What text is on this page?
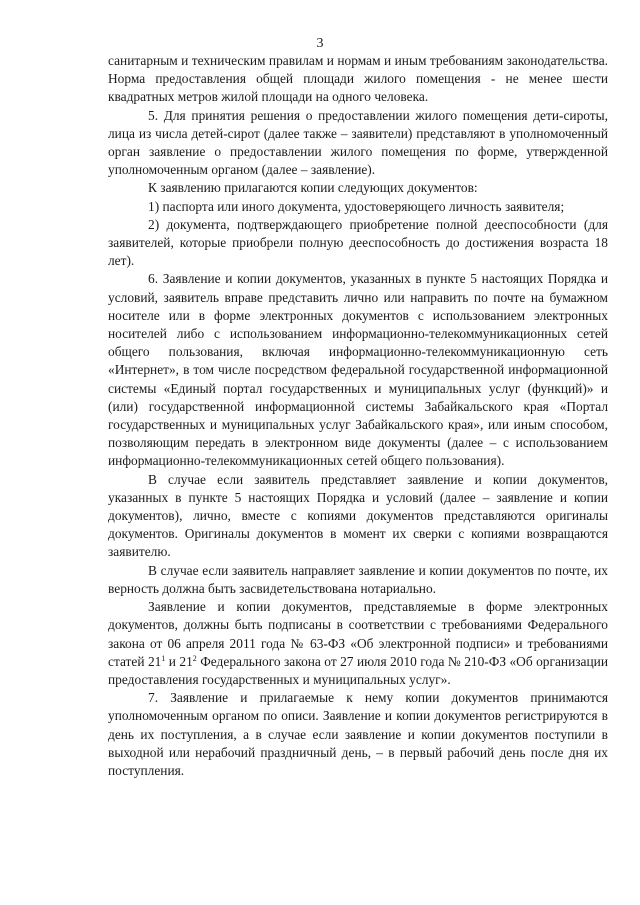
3

санитарным и техническим правилам и нормам и иным требованиям законодательства. Норма предоставления общей площади жилого помещения - не менее шести квадратных метров жилой площади на одного человека.

5. Для принятия решения о предоставлении жилого помещения дети-сироты, лица из числа детей-сирот (далее также – заявители) представляют в уполномоченный орган заявление о предоставлении жилого помещения по форме, утвержденной уполномоченным органом (далее – заявление).

К заявлению прилагаются копии следующих документов:

1) паспорта или иного документа, удостоверяющего личность заявителя;

2) документа, подтверждающего приобретение полной дееспособности (для заявителей, которые приобрели полную дееспособность до достижения возраста 18 лет).

6. Заявление и копии документов, указанных в пункте 5 настоящих Порядка и условий, заявитель вправе представить лично или направить по почте на бумажном носителе или в форме электронных документов с использованием электронных носителей либо с использованием информационно-телекоммуникационных сетей общего пользования, включая информационно-телекоммуникационную сеть «Интернет», в том числе посредством федеральной государственной информационной системы «Единый портал государственных и муниципальных услуг (функций)» и (или) государственной информационной системы Забайкальского края «Портал государственных и муниципальных услуг Забайкальского края», или иным способом, позволяющим передать в электронном виде документы (далее – с использованием информационно-телекоммуникационных сетей общего пользования).

В случае если заявитель представляет заявление и копии документов, указанных в пункте 5 настоящих Порядка и условий (далее – заявление и копии документов), лично, вместе с копиями документов представляются оригиналы документов. Оригиналы документов в момент их сверки с копиями возвращаются заявителю.

В случае если заявитель направляет заявление и копии документов по почте, их верность должна быть засвидетельствована нотариально.

Заявление и копии документов, представляемые в форме электронных документов, должны быть подписаны в соответствии с требованиями Федерального закона от 06 апреля 2011 года № 63-ФЗ «Об электронной подписи» и требованиями статей $21^1$ и $21^2$ Федерального закона от 27 июля 2010 года № 210-ФЗ «Об организации предоставления государственных и муниципальных услуг».

7. Заявление и прилагаемые к нему копии документов принимаются уполномоченным органом по описи. Заявление и копии документов регистрируются в день их поступления, а в случае если заявление и копии документов поступили в выходной или нерабочий праздничный день, – в первый рабочий день после дня их поступления.
